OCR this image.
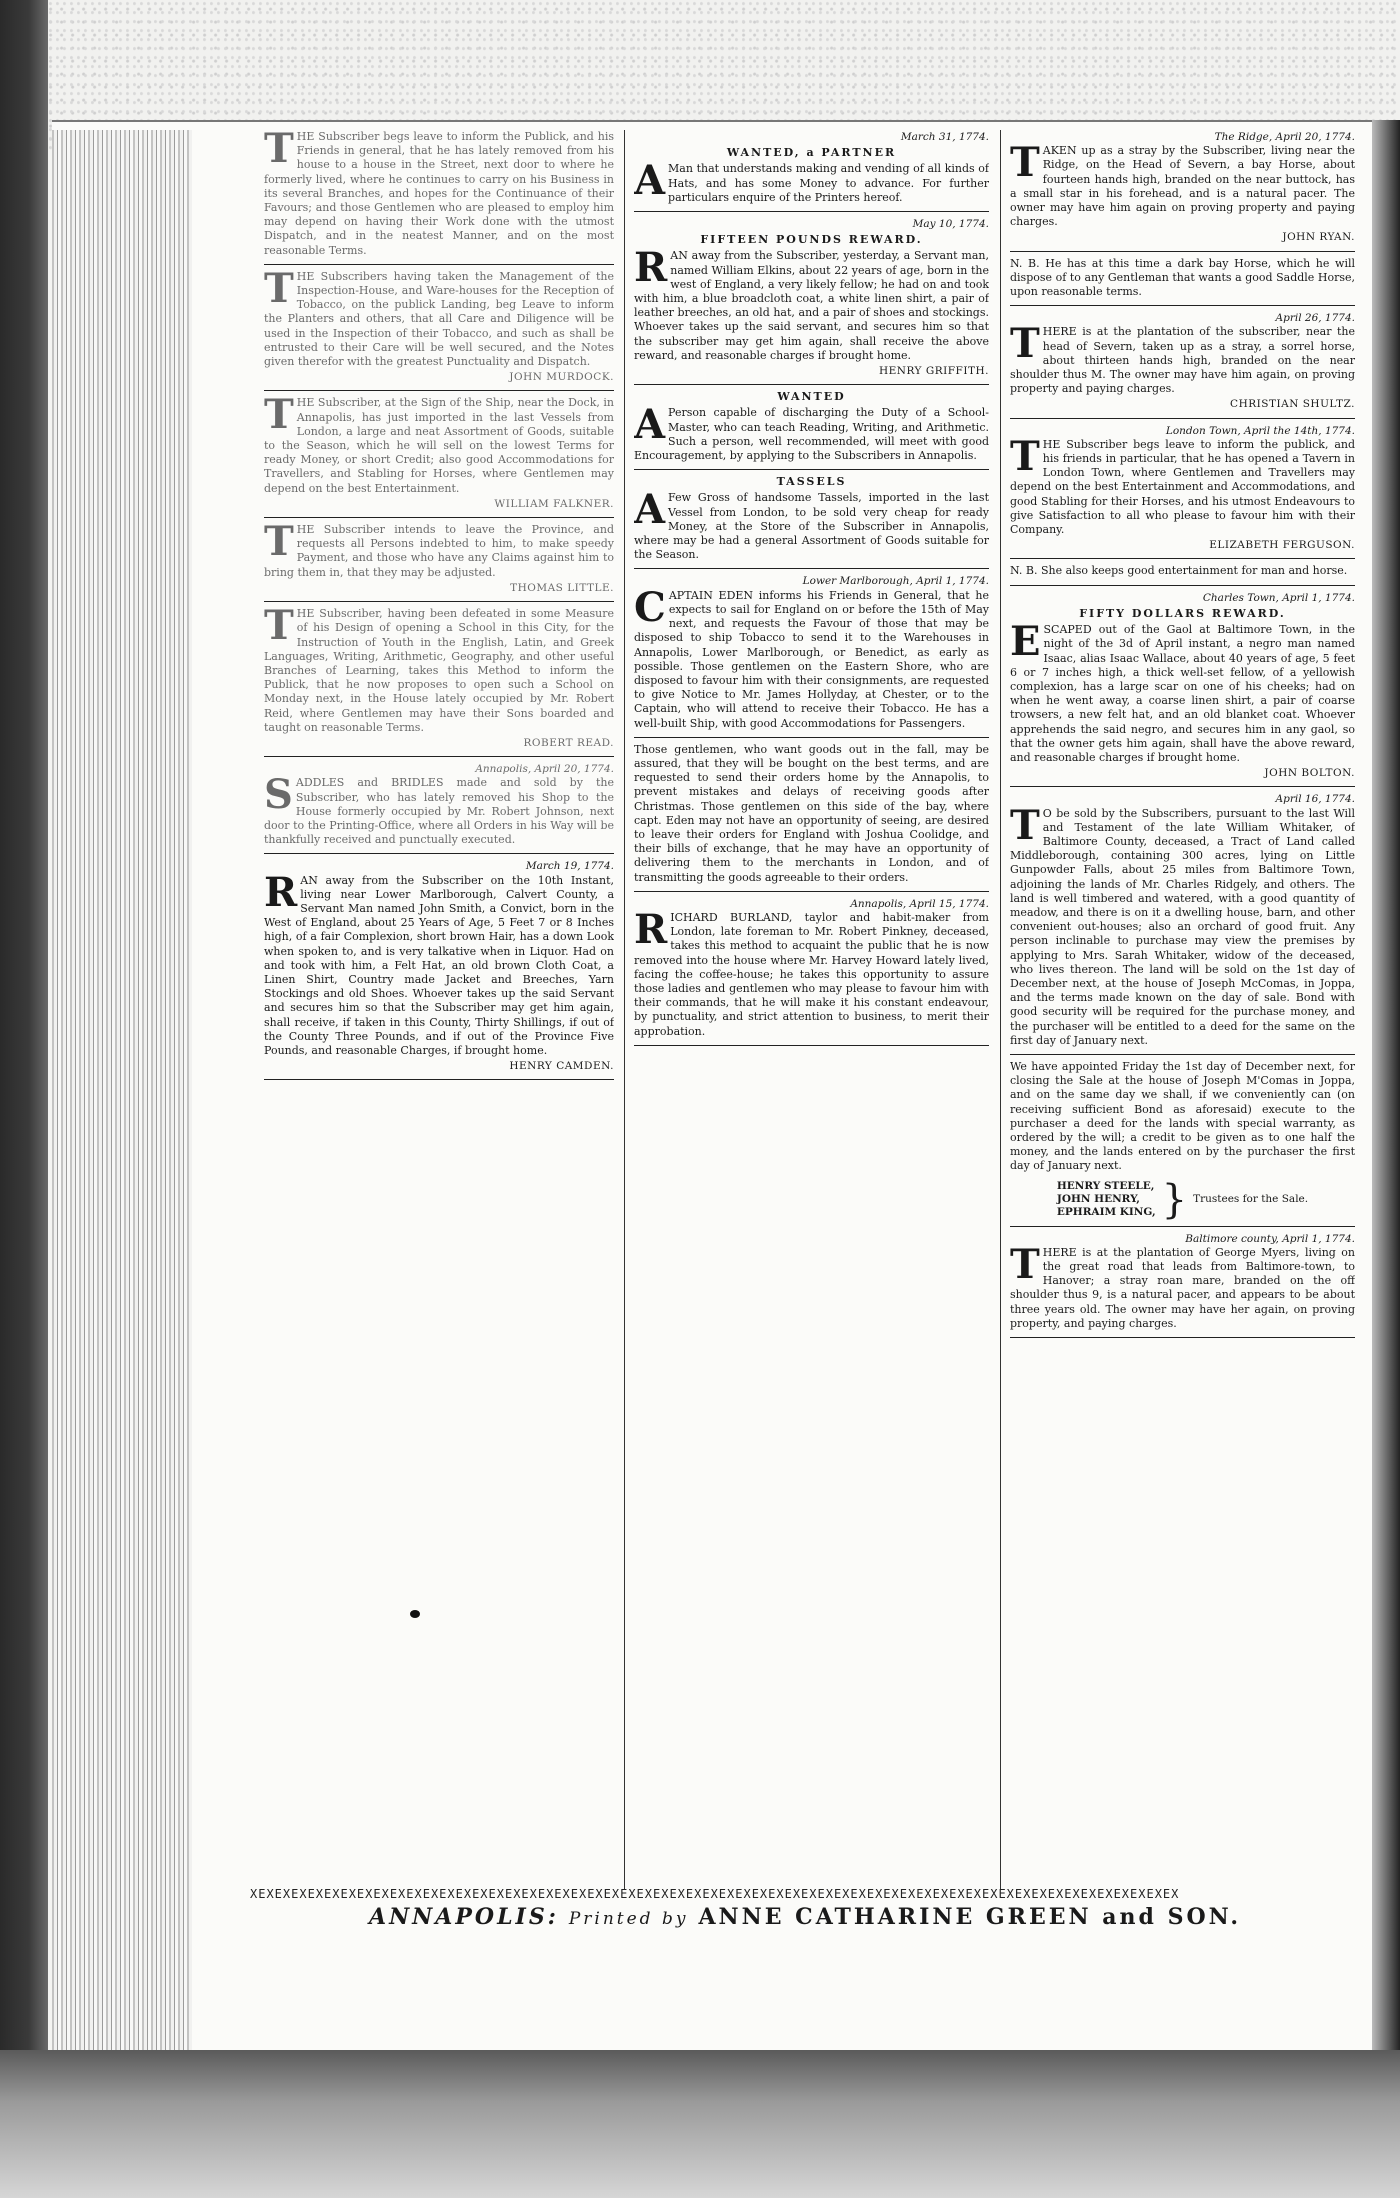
THE Subscriber begs leave to inform the Publick, and his Friends in general, that he has lately removed from his house to a house in the Street, next door to where he formerly lived, where he continues to carry on his Business in its several Branches, and hopes for the Continuance of their Favours; and those Gentlemen who are pleased to employ him may depend on having their Work done with the utmost Dispatch, and in the neatest Manner, and on the most reasonable Terms.

THE Subscribers having taken the Management of the Inspection-House, and Ware-houses for the Reception of Tobacco, on the publick Landing, beg Leave to inform the Planters and others, that all Care and Diligence will be used in the Inspection of their Tobacco, and such as shall be entrusted to their Care will be well secured, and the Notes given therefor with the greatest Punctuality and Dispatch.

JOHN MURDOCK.

THE Subscriber, at the Sign of the Ship, near the Dock, in Annapolis, has just imported in the last Vessels from London, a large and neat Assortment of Goods, suitable to the Season, which he will sell on the lowest Terms for ready Money, or short Credit; also good Accommodations for Travellers, and Stabling for Horses, where Gentlemen may depend on the best Entertainment.

WILLIAM FALKNER.

THE Subscriber intends to leave the Province, and requests all Persons indebted to him, to make speedy Payment, and those who have any Claims against him to bring them in, that they may be adjusted.

THOMAS LITTLE.

THE Subscriber, having been defeated in some Measure of his Design of opening a School in this City, for the Instruction of Youth in the English, Latin, and Greek Languages, Writing, Arithmetic, Geography, and other useful Branches of Learning, takes this Method to inform the Publick, that he now proposes to open such a School on Monday next, in the House lately occupied by Mr. Robert Reid, where Gentlemen may have their Sons boarded and taught on reasonable Terms.

ROBERT READ.

Annapolis, April 20, 1774.

SADDLES and BRIDLES made and sold by the Subscriber, who has lately removed his Shop to the House formerly occupied by Mr. Robert Johnson, next door to the Printing-Office, where all Orders in his Way will be thankfully received and punctually executed.

March 19, 1774.

RAN away from the Subscriber on the 10th Instant, living near Lower Marlborough, Calvert County, a Servant Man named John Smith, a Convict, born in the West of England, about 25 Years of Age, 5 Feet 7 or 8 Inches high, of a fair Complexion, short brown Hair, has a down Look when spoken to, and is very talkative when in Liquor. Had on and took with him, a Felt Hat, an old brown Cloth Coat, a Linen Shirt, Country made Jacket and Breeches, Yarn Stockings and old Shoes. Whoever takes up the said Servant and secures him so that the Subscriber may get him again, shall receive, if taken in this County, Thirty Shillings, if out of the County Three Pounds, and if out of the Province Five Pounds, and reasonable Charges, if brought home.

HENRY CAMDEN.

March 31, 1774.

WANTED, a PARTNER

A Man that understands making and vending of all kinds of Hats, and has some Money to advance. For further particulars enquire of the Printers hereof.

May 10, 1774.

FIFTEEN POUNDS REWARD.

RAN away from the Subscriber, yesterday, a Servant man, named William Elkins, about 22 years of age, born in the west of England, a very likely fellow; he had on and took with him, a blue broadcloth coat, a white linen shirt, a pair of leather breeches, an old hat, and a pair of shoes and stockings. Whoever takes up the said servant, and secures him so that the subscriber may get him again, shall receive the above reward, and reasonable charges if brought home.

HENRY GRIFFITH.

WANTED

A Person capable of discharging the Duty of a School-Master, who can teach Reading, Writing, and Arithmetic. Such a person, well recommended, will meet with good Encouragement, by applying to the Subscribers in Annapolis.

TASSELS

A Few Gross of handsome Tassels, imported in the last Vessel from London, to be sold very cheap for ready Money, at the Store of the Subscriber in Annapolis, where may be had a general Assortment of Goods suitable for the Season.

Lower Marlborough, April 1, 1774.

CAPTAIN EDEN informs his Friends in General, that he expects to sail for England on or before the 15th of May next, and requests the Favour of those that may be disposed to ship Tobacco to send it to the Warehouses in Annapolis, Lower Marlborough, or Benedict, as early as possible. Those gentlemen on the Eastern Shore, who are disposed to favour him with their consignments, are requested to give Notice to Mr. James Hollyday, at Chester, or to the Captain, who will attend to receive their Tobacco. He has a well-built Ship, with good Accommodations for Passengers.

Those gentlemen, who want goods out in the fall, may be assured, that they will be bought on the best terms, and are requested to send their orders home by the Annapolis, to prevent mistakes and delays of receiving goods after Christmas. Those gentlemen on this side of the bay, where capt. Eden may not have an opportunity of seeing, are desired to leave their orders for England with Joshua Coolidge, and their bills of exchange, that he may have an opportunity of delivering them to the merchants in London, and of transmitting the goods agreeable to their orders.

Annapolis, April 15, 1774.

RICHARD BURLAND, taylor and habit-maker from London, late foreman to Mr. Robert Pinkney, deceased, takes this method to acquaint the public that he is now removed into the house where Mr. Harvey Howard lately lived, facing the coffee-house; he takes this opportunity to assure those ladies and gentlemen who may please to favour him with their commands, that he will make it his constant endeavour, by punctuality, and strict attention to business, to merit their approbation.

The Ridge, April 20, 1774.

TAKEN up as a stray by the Subscriber, living near the Ridge, on the Head of Severn, a bay Horse, about fourteen hands high, branded on the near buttock, has a small star in his forehead, and is a natural pacer. The owner may have him again on proving property and paying charges.

JOHN RYAN.

N. B. He has at this time a dark bay Horse, which he will dispose of to any Gentleman that wants a good Saddle Horse, upon reasonable terms.

April 26, 1774.

THERE is at the plantation of the subscriber, near the head of Severn, taken up as a stray, a sorrel horse, about thirteen hands high, branded on the near shoulder thus M. The owner may have him again, on proving property and paying charges.

CHRISTIAN SHULTZ.

London Town, April the 14th, 1774.

THE Subscriber begs leave to inform the publick, and his friends in particular, that he has opened a Tavern in London Town, where Gentlemen and Travellers may depend on the best Entertainment and Accommodations, and good Stabling for their Horses, and his utmost Endeavours to give Satisfaction to all who please to favour him with their Company.

ELIZABETH FERGUSON.

N. B. She also keeps good entertainment for man and horse.

Charles Town, April 1, 1774.

FIFTY DOLLARS REWARD.

ESCAPED out of the Gaol at Baltimore Town, in the night of the 3d of April instant, a negro man named Isaac, alias Isaac Wallace, about 40 years of age, 5 feet 6 or 7 inches high, a thick well-set fellow, of a yellowish complexion, has a large scar on one of his cheeks; had on when he went away, a coarse linen shirt, a pair of coarse trowsers, a new felt hat, and an old blanket coat. Whoever apprehends the said negro, and secures him in any gaol, so that the owner gets him again, shall have the above reward, and reasonable charges if brought home.

JOHN BOLTON.

April 16, 1774.

T O be sold by the Subscribers, pursuant to the last Will and Testament of the late William Whitaker, of Baltimore County, deceased, a Tract of Land called Middleborough, containing 300 acres, lying on Little Gunpowder Falls, about 25 miles from Baltimore Town, adjoining the lands of Mr. Charles Ridgely, and others. The land is well timbered and watered, with a good quantity of meadow, and there is on it a dwelling house, barn, and other convenient out-houses; also an orchard of good fruit. Any person inclinable to purchase may view the premises by applying to Mrs. Sarah Whitaker, widow of the deceased, who lives thereon. The land will be sold on the 1st day of December next, at the house of Joseph McComas, in Joppa, and the terms made known on the day of sale. Bond with good security will be required for the purchase money, and the purchaser will be entitled to a deed for the same on the first day of January next.

We have appointed Friday the 1st day of December next, for closing the Sale at the house of Joseph M'Comas in Joppa, and on the same day we shall, if we conveniently can (on receiving sufficient Bond as aforesaid) execute to the purchaser a deed for the lands with special warranty, as ordered by the will; a credit to be given as to one half the money, and the lands entered on by the purchaser the first day of January next.

HENRY STEELE,
JOHN HENRY,
EPHRAIM KING, } Trustees for the Sale.

Baltimore county, April 1, 1774.

THERE is at the plantation of George Myers, living on the great road that leads from Baltimore-town, to Hanover; a stray roan mare, branded on the off shoulder thus 9, is a natural pacer, and appears to be about three years old. The owner may have her again, on proving property, and paying charges.

XEXEXEXEXEXEXEXEXEXEXEXEXEXEXEXEXEXEXEXEXEXEXEXEXEXEXEXEXEXEXEXEXEXEXEXEXEXEXEXEXEXEXEXEXEXEXEXEXEXEXEXEXEXEXEXEX
ANNAPOLIS: Printed by ANNE CATHARINE GREEN and SON.
